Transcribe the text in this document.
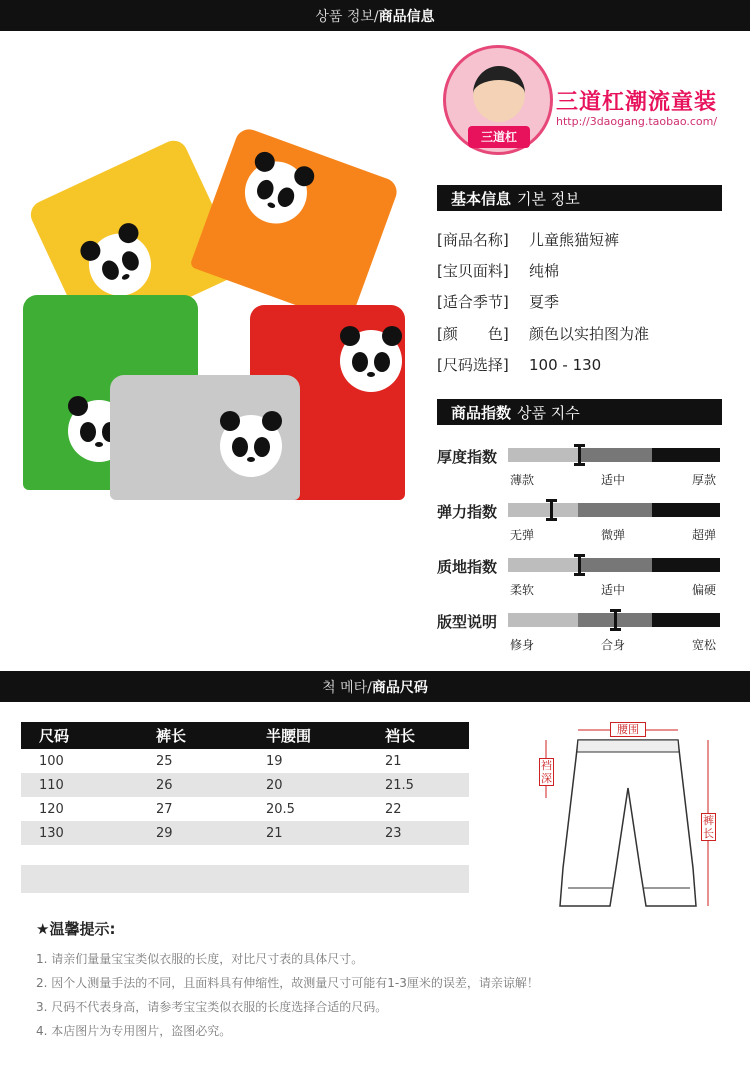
상품 정보/ 商品信息
三道杠
三道杠潮流童装
http://3daogang.taobao.com/
基本信息 기본 정보
[商品名称] 儿童熊猫短裤
[宝贝面料] 纯棉
[适合季节] 夏季
[颜　　色] 颜色以实拍图为准
[尺码选择] 100 - 130
商品指数 상품 지수
厚度指数
薄款	适中	厚款
弹力指数
无弹	微弹	超弹
质地指数
柔软	适中	偏硬
版型说明
修身	合身	宽松
척 메타/ 商品尺码
尺码	裤长	半腰围	裆长
100	25	19	21
110	26	20	21.5
120	27	20.5	22
130	29	21	23
腰围
裆深
裤长
★温馨提示:
1. 请亲们量量宝宝类似衣服的长度，对比尺寸表的具体尺寸。
2. 因个人测量手法的不同，且面料具有伸缩性，故测量尺寸可能有1-3厘米的误差，请亲谅解！
3. 尺码不代表身高，请参考宝宝类似衣服的长度选择合适的尺码。
4. 本店图片为专用图片，盗图必究。
